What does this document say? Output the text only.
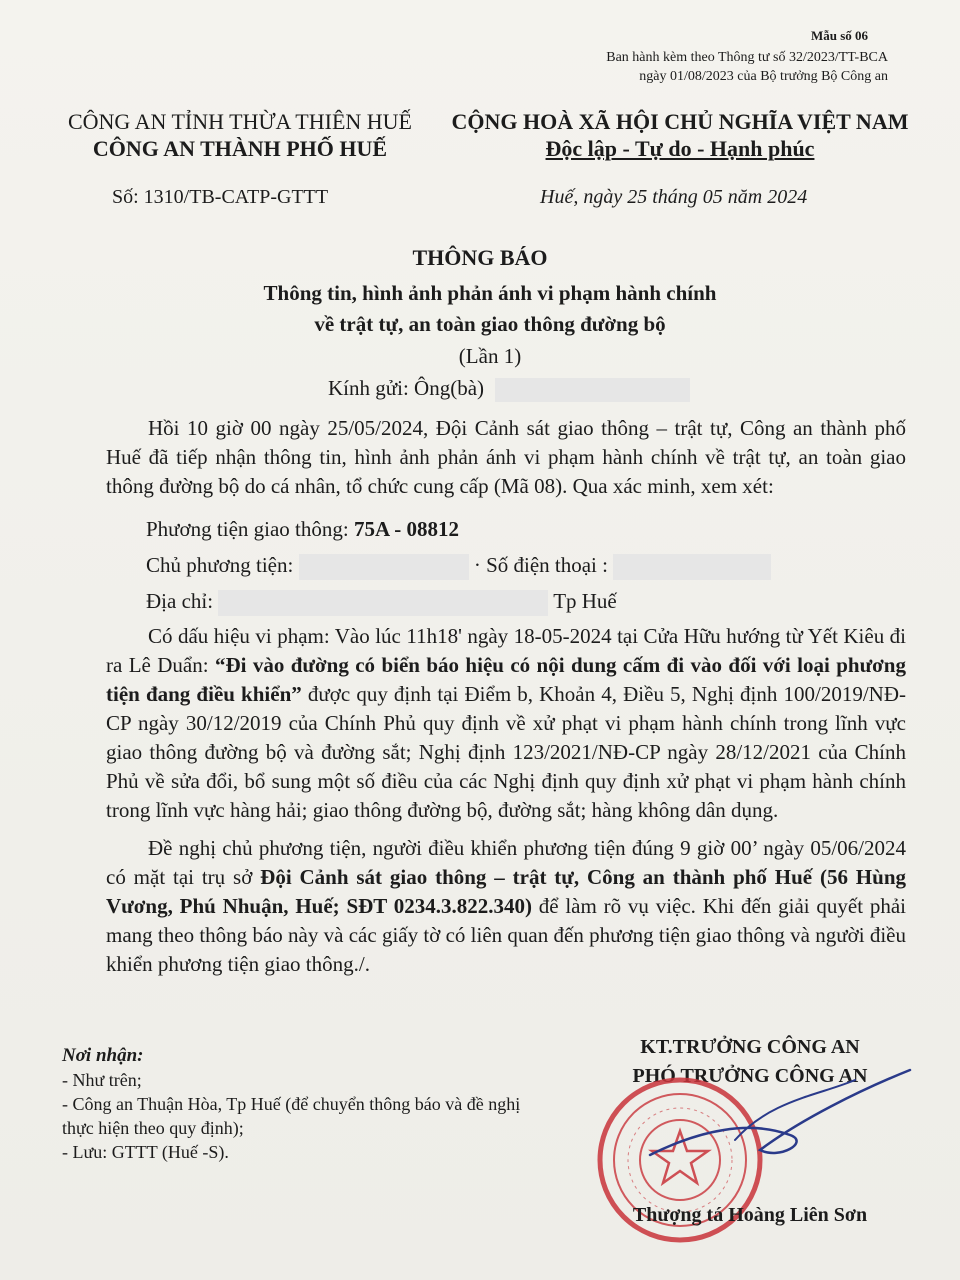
Mẫu số 06
Ban hành kèm theo Thông tư số 32/2023/TT-BCA
ngày 01/08/2023 của Bộ trưởng Bộ Công an
CÔNG AN TỈNH THỪA THIÊN HUẾ
CÔNG AN THÀNH PHỐ HUẾ
CỘNG HOÀ XÃ HỘI CHỦ NGHĨA VIỆT NAM
Độc lập - Tự do - Hạnh phúc
Số: 1310/TB-CATP-GTTT	Huế, ngày 25 tháng 05 năm 2024
THÔNG BÁO
Thông tin, hình ảnh phản ánh vi phạm hành chính
về trật tự, an toàn giao thông đường bộ
(Lần 1)
Kính gửi: Ông(bà)

Hồi 10 giờ 00 ngày 25/05/2024, Đội Cảnh sát giao thông – trật tự, Công an thành phố Huế đã tiếp nhận thông tin, hình ảnh phản ánh vi phạm hành chính về trật tự, an toàn giao thông đường bộ do cá nhân, tổ chức cung cấp (Mã 08). Qua xác minh, xem xét:

Phương tiện giao thông: 75A - 08812

Chủ phương tiện:	· Số điện thoại :

Địa chỉ:	Tp Huế

Có dấu hiệu vi phạm: Vào lúc 11h18' ngày 18-05-2024 tại Cửa Hữu hướng từ Yết Kiêu đi ra Lê Duẩn: “Đi vào đường có biển báo hiệu có nội dung cấm đi vào đối với loại phương tiện đang điều khiển” được quy định tại Điểm b, Khoản 4, Điều 5, Nghị định 100/2019/NĐ-CP ngày 30/12/2019 của Chính Phủ quy định về xử phạt vi phạm hành chính trong lĩnh vực giao thông đường bộ và đường sắt; Nghị định 123/2021/NĐ-CP ngày 28/12/2021 của Chính Phủ về sửa đổi, bổ sung một số điều của các Nghị định quy định xử phạt vi phạm hành chính trong lĩnh vực hàng hải; giao thông đường bộ, đường sắt; hàng không dân dụng.

Đề nghị chủ phương tiện, người điều khiển phương tiện đúng 9 giờ 00’ ngày 05/06/2024 có mặt tại trụ sở Đội Cảnh sát giao thông – trật tự, Công an thành phố Huế (56 Hùng Vương, Phú Nhuận, Huế; SĐT 0234.3.822.340) để làm rõ vụ việc. Khi đến giải quyết phải mang theo thông báo này và các giấy tờ có liên quan đến phương tiện giao thông và người điều khiển phương tiện giao thông./.

Nơi nhận:
- Như trên;
- Công an Thuận Hòa, Tp Huế (để chuyển thông báo và đề nghị thực hiện theo quy định);
- Lưu: GTTT (Huế -S).
KT.TRƯỞNG CÔNG AN
PHÓ TRƯỞNG CÔNG AN
Thượng tá Hoàng Liên Sơn
